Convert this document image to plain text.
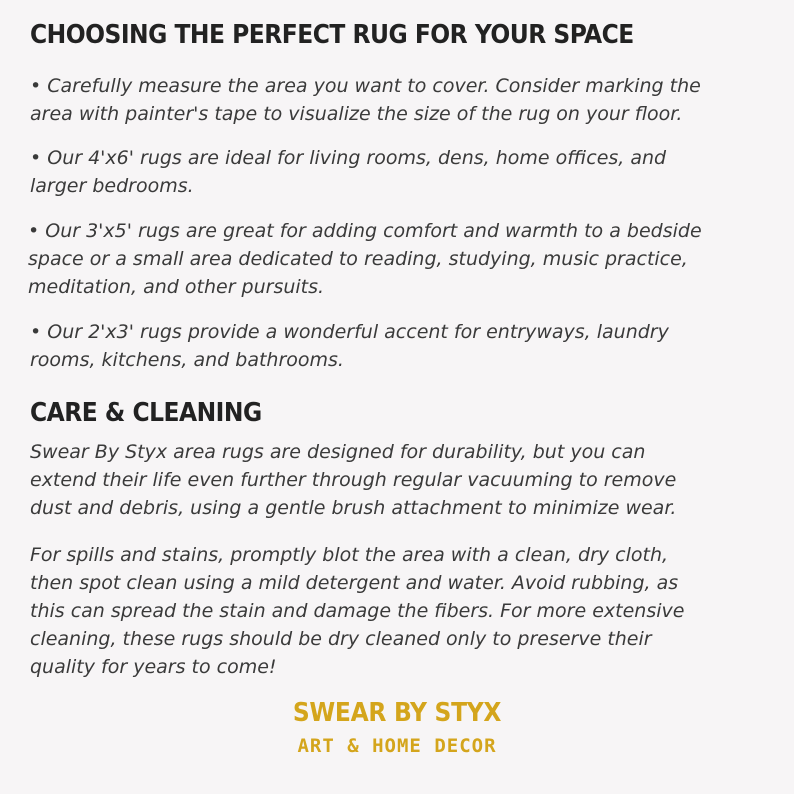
CHOOSING THE PERFECT RUG FOR YOUR SPACE

• Carefully measure the area you want to cover. Consider marking the
area with painter's tape to visualize the size of the rug on your floor.

• Our 4'x6' rugs are ideal for living rooms, dens, home offices, and
larger bedrooms.

• Our 3'x5' rugs are great for adding comfort and warmth to a bedside
space or a small area dedicated to reading, studying, music practice,
meditation, and other pursuits.

• Our 2'x3' rugs provide a wonderful accent for entryways, laundry
rooms, kitchens, and bathrooms.

CARE & CLEANING

Swear By Styx area rugs are designed for durability, but you can
extend their life even further through regular vacuuming to remove
dust and debris, using a gentle brush attachment to minimize wear.

For spills and stains, promptly blot the area with a clean, dry cloth,
then spot clean using a mild detergent and water. Avoid rubbing, as
this can spread the stain and damage the fibers. For more extensive
cleaning, these rugs should be dry cleaned only to preserve their
quality for years to come!

SWEAR BY STYX
ART & HOME DECOR
